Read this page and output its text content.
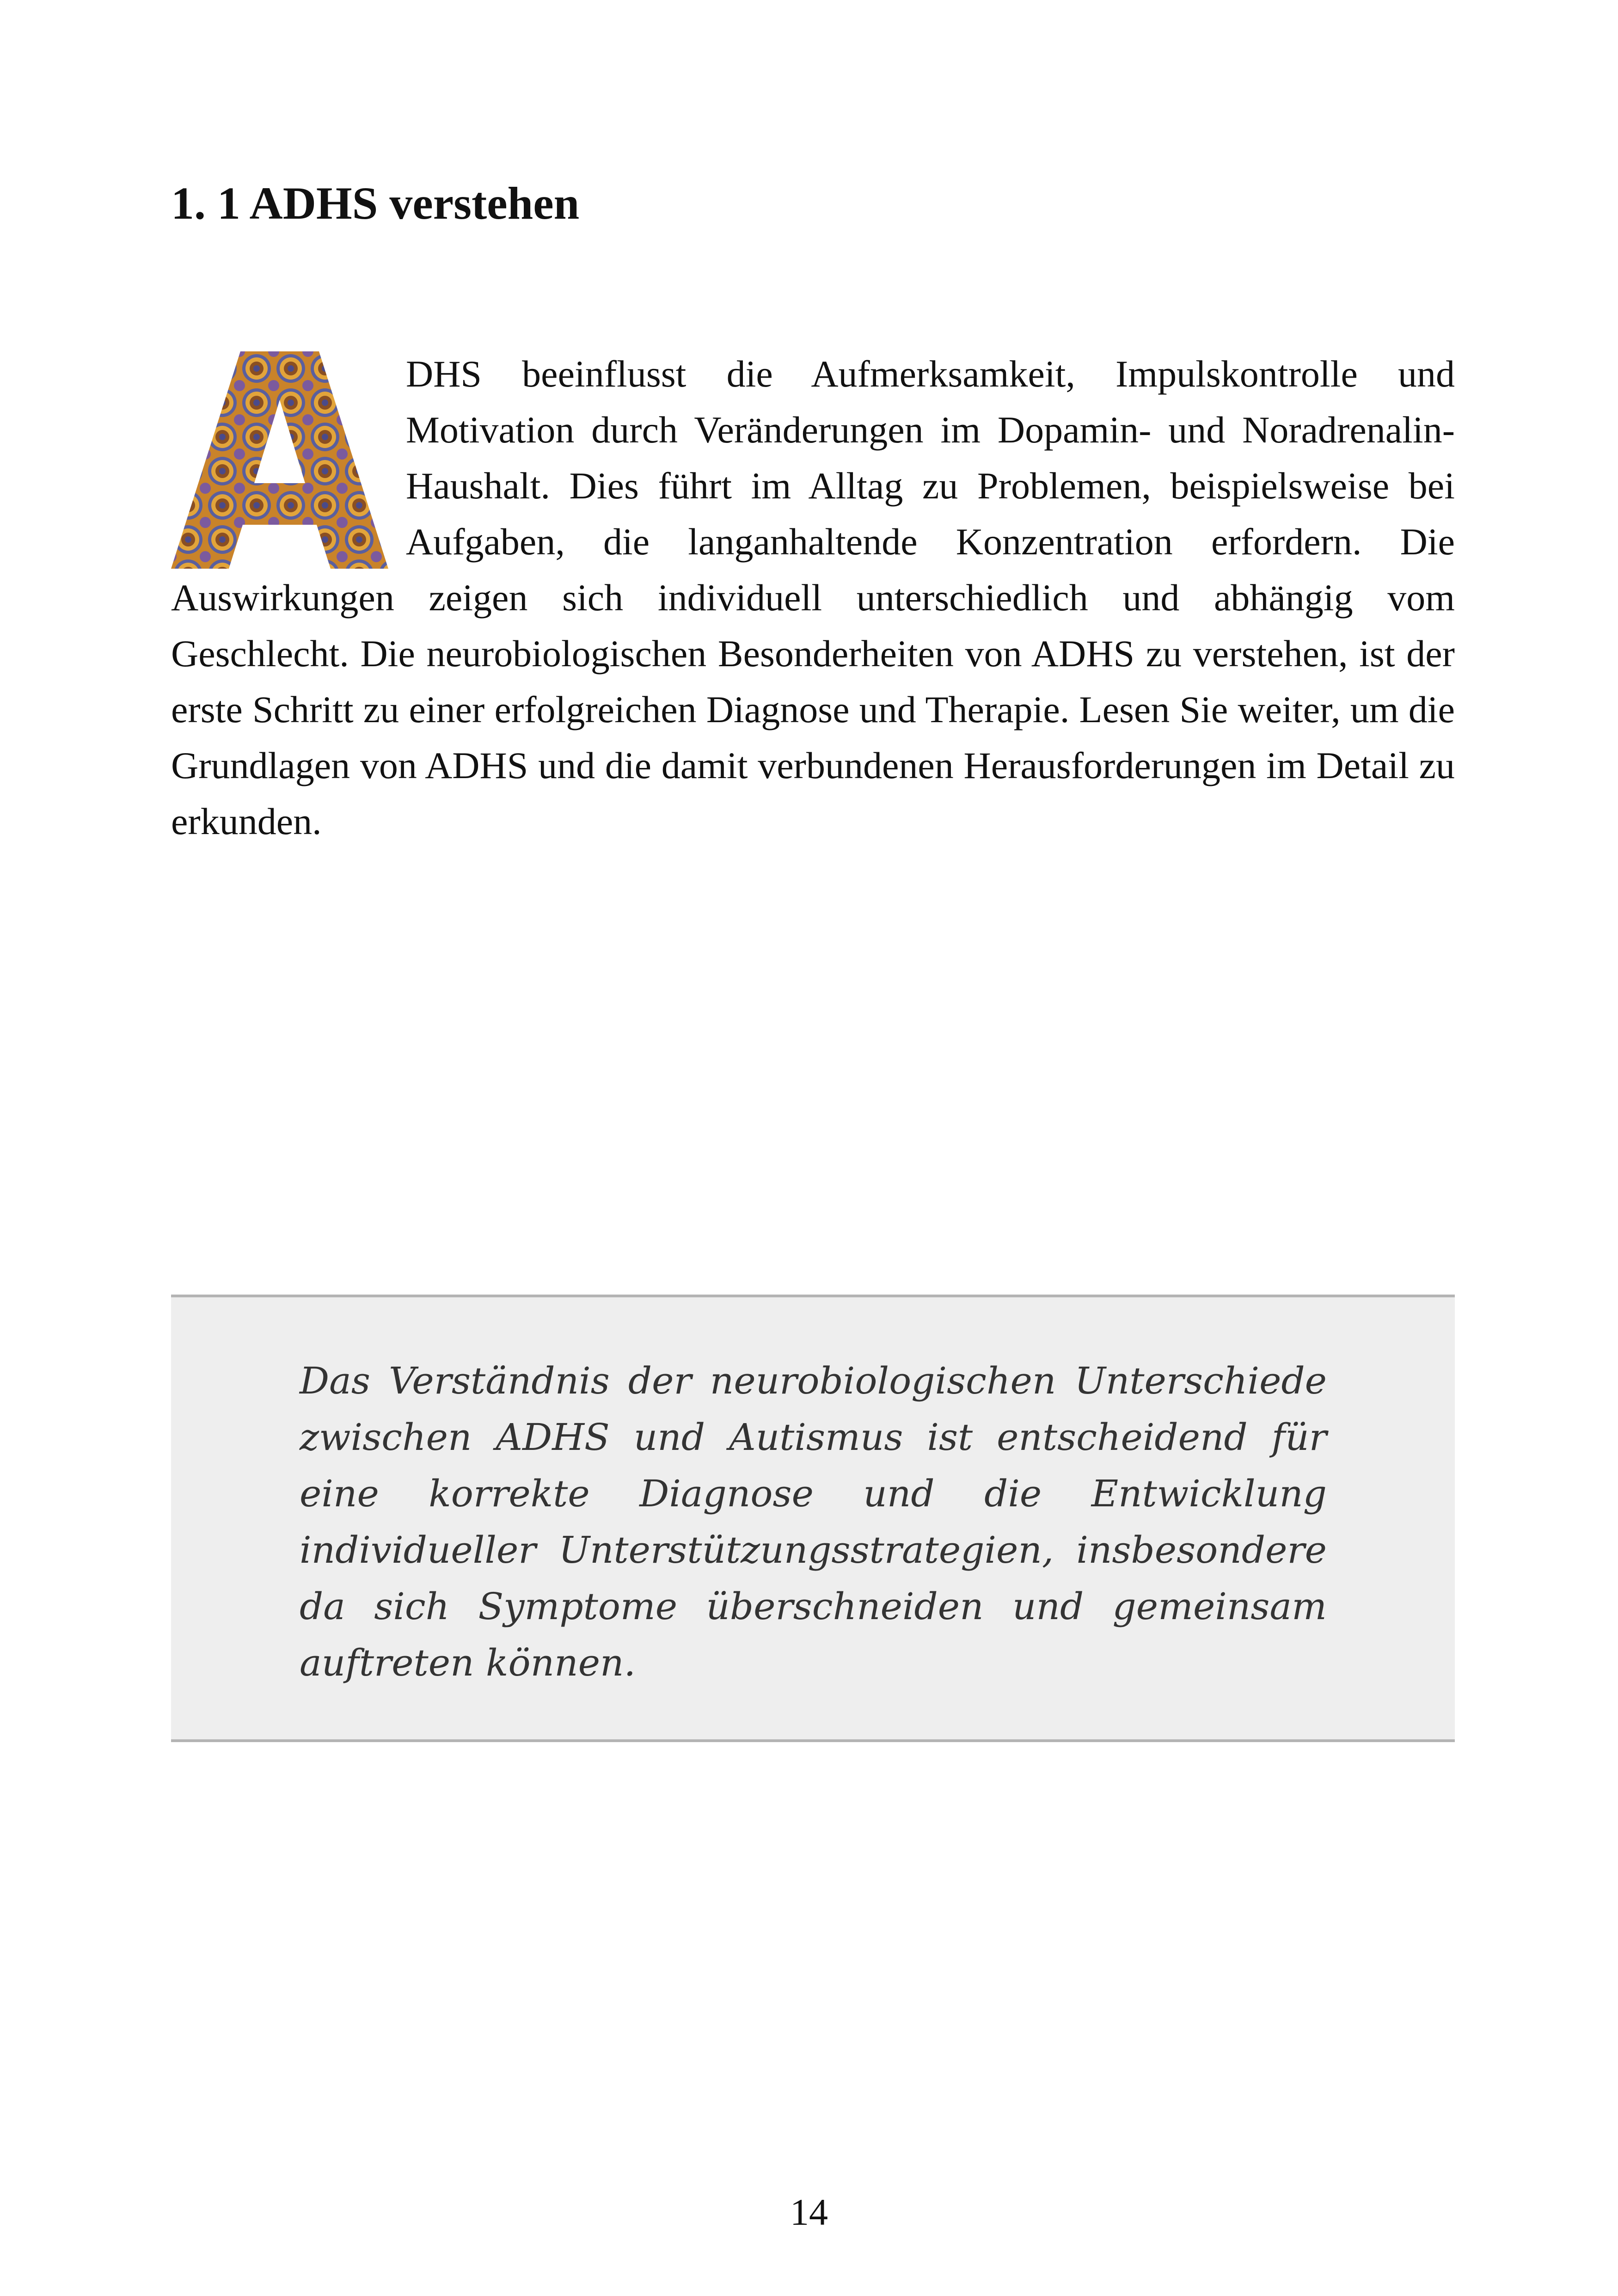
1. 1 ADHS verstehen
DHS beeinflusst die Aufmerksamkeit, Impulskontrolle und Motivation durch Veränderungen im Dopamin- und Noradrenalin-Haushalt. Dies führt im Alltag zu Problemen, beispielsweise bei Aufgaben, die langanhaltende Konzentration erfordern. Die Auswirkungen zeigen sich individuell unterschiedlich und abhängig vom Geschlecht. Die neurobiologischen Besonderheiten von ADHS zu verstehen, ist der erste Schritt zu einer erfolgreichen Diagnose und Therapie. Lesen Sie weiter, um die Grundlagen von ADHS und die damit verbundenen Herausforderungen im Detail zu erkunden.

Das Verständnis der neurobiologischen Unterschiede zwischen ADHS und Autismus ist entscheidend für eine korrekte Diagnose und die Entwicklung individueller Unterstützungsstrategien, insbesondere da sich Symptome überschneiden und gemeinsam auftreten können.

14
